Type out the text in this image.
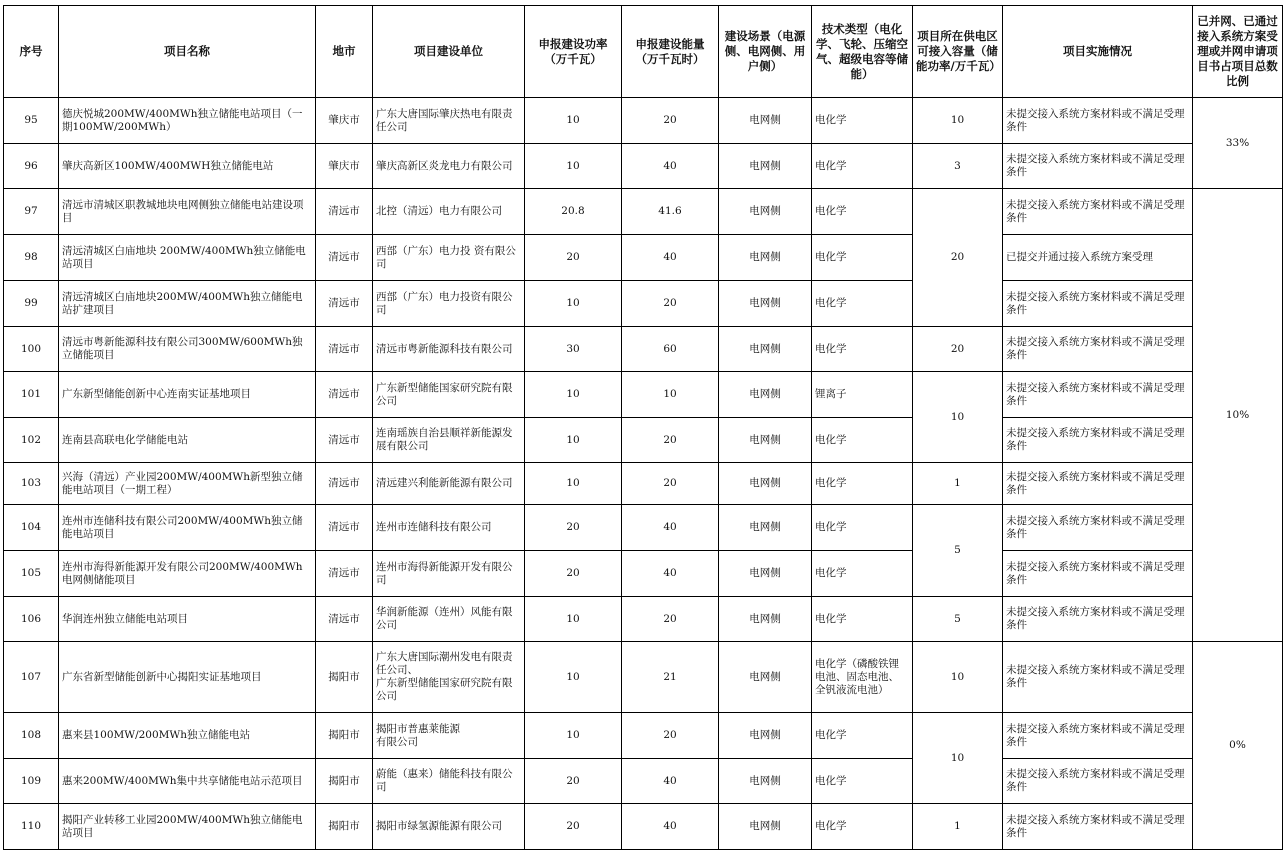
序号	项目名称	地市	项目建设单位	申报建设功率（万千瓦）	申报建设能量（万千瓦时）	建设场景（电源侧、电网侧、用户侧）	技术类型（电化学、飞轮、压缩空气、超级电容等储能）	项目所在供电区可接入容量（储能功率/万千瓦）	项目实施情况	已并网、已通过接入系统方案受理或并网申请项目书占项目总数比例
95	德庆悦城200MW/400MWh独立储能电站项目（一期100MW/200MWh）	肇庆市	广东大唐国际肇庆热电有限责任公司	10	20	电网侧	电化学	10	未提交接入系统方案材料或不满足受理条件	33%
96	肇庆高新区100MW/400MWH独立储能电站	肇庆市	肇庆高新区炎龙电力有限公司	10	40	电网侧	电化学	3	未提交接入系统方案材料或不满足受理条件	
97	清远市清城区职教城地块电网侧独立储能电站建设项目	清远市	北控（清远）电力有限公司	20.8	41.6	电网侧	电化学	20	未提交接入系统方案材料或不满足受理条件	10%
98	清远清城区白庙地块 200MW/400MWh独立储能电站项目	清远市	西部（广东）电力投 资有限公司	20	40	电网侧	电化学		已提交并通过接入系统方案受理	
99	清远清城区白庙地块200MW/400MWh独立储能电站扩建项目	清远市	西部（广东）电力投资有限公司	10	20	电网侧	电化学		未提交接入系统方案材料或不满足受理条件	
100	清远市粤新能源科技有限公司300MW/600MWh独立储能项目	清远市	清远市粤新能源科技有限公司	30	60	电网侧	电化学	20	未提交接入系统方案材料或不满足受理条件	
101	广东新型储能创新中心连南实证基地项目	清远市	广东新型储能国家研究院有限公司	10	10	电网侧	锂离子	10	未提交接入系统方案材料或不满足受理条件	
102	连南县高联电化学储能电站	清远市	连南瑶族自治县顺祥新能源发展有限公司	10	20	电网侧	电化学		未提交接入系统方案材料或不满足受理条件	
103	兴海（清远）产业园200MW/400MWh新型独立储能电站项目（一期工程）	清远市	清远建兴利能新能源有限公司	10	20	电网侧	电化学	1	未提交接入系统方案材料或不满足受理条件	
104	连州市连储科技有限公司200MW/400MWh独立储能电站项目	清远市	连州市连储科技有限公司	20	40	电网侧	电化学	5	未提交接入系统方案材料或不满足受理条件	
105	连州市海得新能源开发有限公司200MW/400MWh电网侧储能项目	清远市	连州市海得新能源开发有限公司	20	40	电网侧	电化学		未提交接入系统方案材料或不满足受理条件	
106	华润连州独立储能电站项目	清远市	华润新能源（连州）风能有限公司	10	20	电网侧	电化学	5	未提交接入系统方案材料或不满足受理条件	
107	广东省新型储能创新中心揭阳实证基地项目	揭阳市	广东大唐国际潮州发电有限责任公司、
广东新型储能国家研究院有限公司	10	21	电网侧	电化学（磷酸铁锂电池、固态电池、全钒液流电池）	10	未提交接入系统方案材料或不满足受理条件	0%
108	惠来县100MW/200MWh独立储能电站	揭阳市	揭阳市普惠莱能源
有限公司	10	20	电网侧	电化学	10	未提交接入系统方案材料或不满足受理条件	
109	惠来200MW/400MWh集中共享储能电站示范项目	揭阳市	蔚能（惠来）储能科技有限公司	20	40	电网侧	电化学		未提交接入系统方案材料或不满足受理条件	
110	揭阳产业转移工业园200MW/400MWh独立储能电站项目	揭阳市	揭阳市绿氢源能源有限公司	20	40	电网侧	电化学	1	未提交接入系统方案材料或不满足受理条件	
